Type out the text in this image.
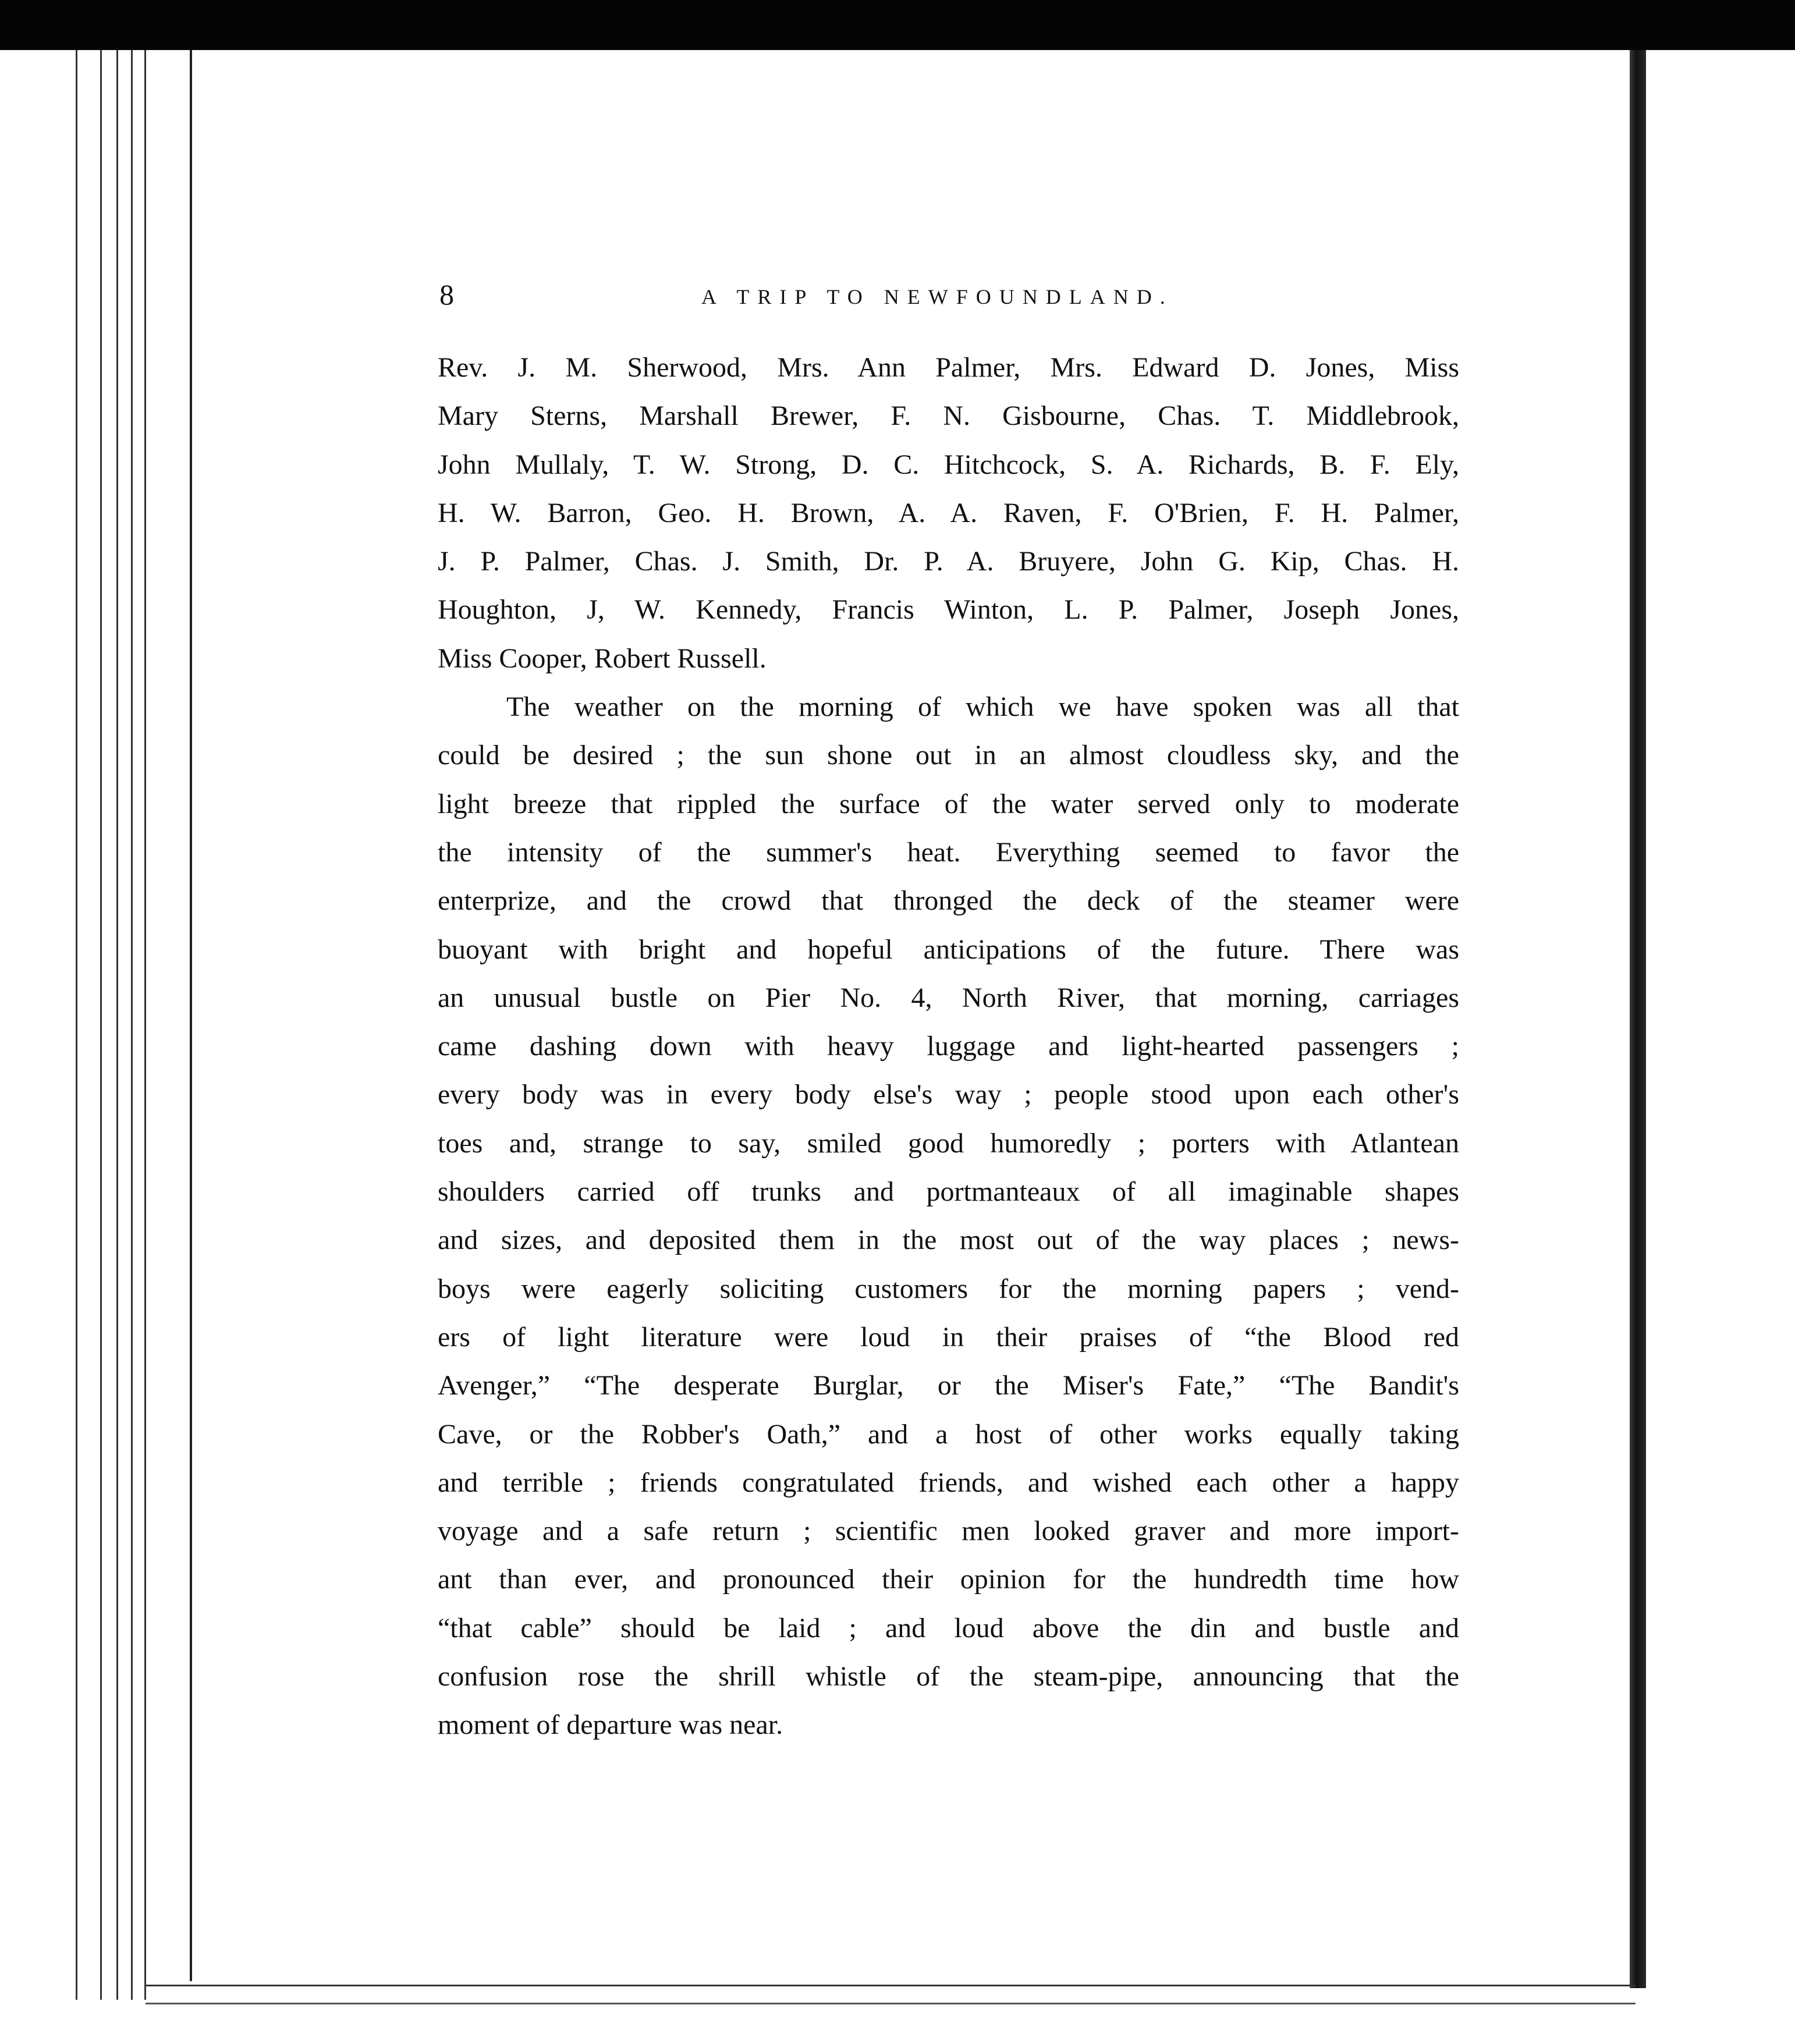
8	A TRIP TO NEWFOUNDLAND.
Rev. J. M. Sherwood, Mrs. Ann Palmer, Mrs. Edward D. Jones, Miss
Mary Sterns, Marshall Brewer, F. N. Gisbourne, Chas. T. Middlebrook,
John Mullaly, T. W. Strong, D. C. Hitchcock, S. A. Richards, B. F. Ely,
H. W. Barron, Geo. H. Brown, A. A. Raven, F. O'Brien, F. H. Palmer,
J. P. Palmer, Chas. J. Smith, Dr. P. A. Bruyere, John G. Kip, Chas. H.
Houghton, J, W. Kennedy, Francis Winton, L. P. Palmer, Joseph Jones,
Miss Cooper, Robert Russell.
The weather on the morning of which we have spoken was all that
could be desired ; the sun shone out in an almost cloudless sky, and the
light breeze that rippled the surface of the water served only to moderate
the intensity of the summer's heat. Everything seemed to favor the
enterprize, and the crowd that thronged the deck of the steamer were
buoyant with bright and hopeful anticipations of the future. There was
an unusual bustle on Pier No. 4, North River, that morning, carriages
came dashing down with heavy luggage and light-hearted passengers ;
every body was in every body else's way ; people stood upon each other's
toes and, strange to say, smiled good humoredly ; porters with Atlantean
shoulders carried off trunks and portmanteaux of all imaginable shapes
and sizes, and deposited them in the most out of the way places ; news-
boys were eagerly soliciting customers for the morning papers ; vend-
ers of light literature were loud in their praises of “the Blood red
Avenger,” “The desperate Burglar, or the Miser's Fate,” “The Bandit's
Cave, or the Robber's Oath,” and a host of other works equally taking
and terrible ; friends congratulated friends, and wished each other a happy
voyage and a safe return ; scientific men looked graver and more import-
ant than ever, and pronounced their opinion for the hundredth time how
“that cable” should be laid ; and loud above the din and bustle and
confusion rose the shrill whistle of the steam-pipe, announcing that the
moment of departure was near.
